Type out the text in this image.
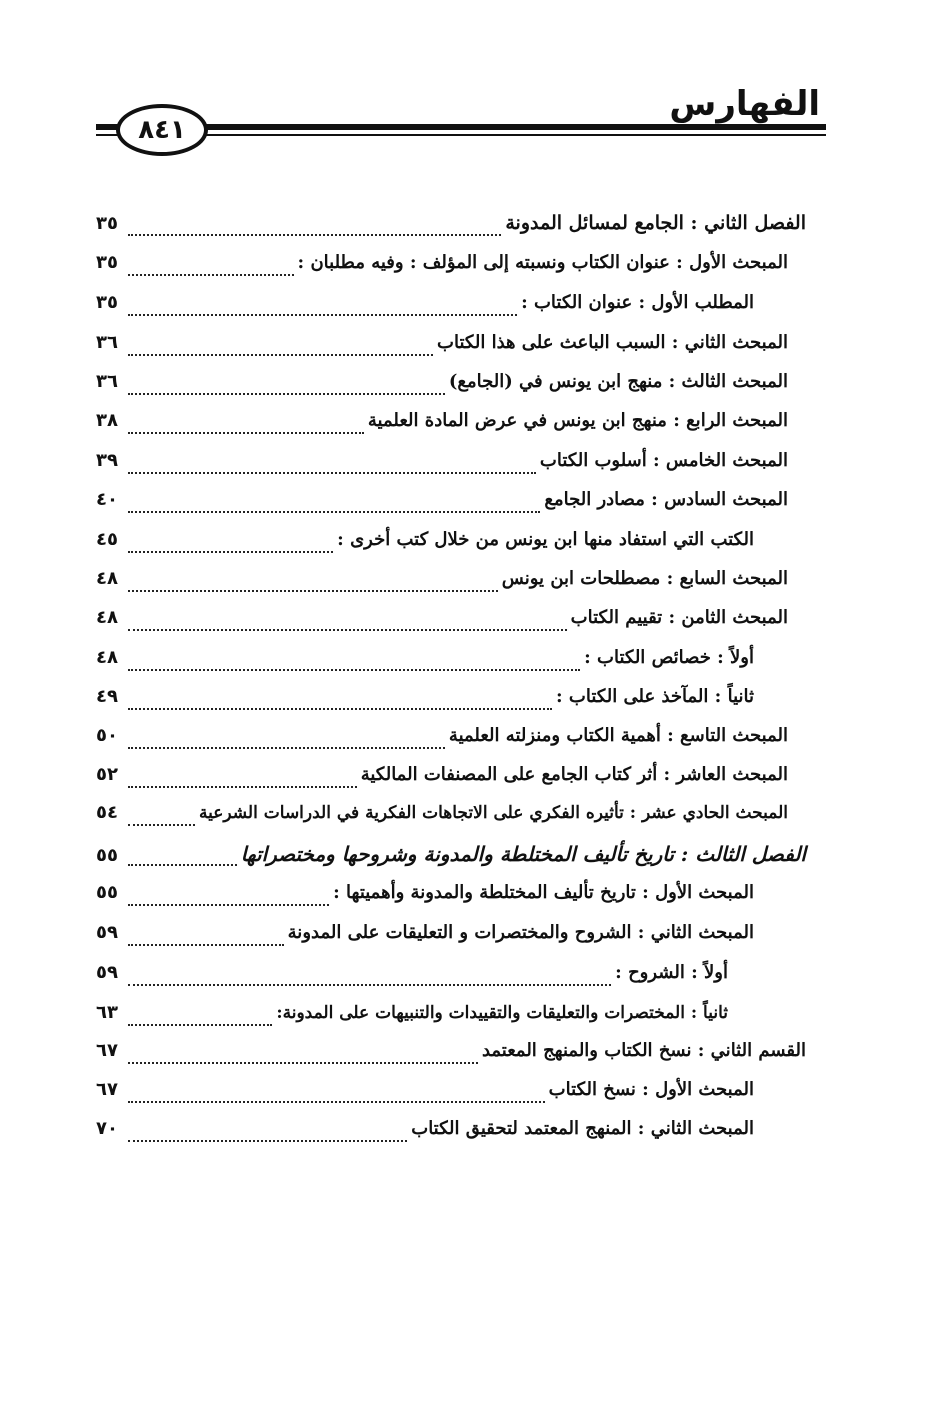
الفهارس
٨٤١
الفصل الثاني : الجامع لمسائل المدونة
٣٥
المبحث الأول : عنوان الكتاب ونسبته إلى المؤلف : وفيه مطلبان :
٣٥
المطلب الأول : عنوان الكتاب :
٣٥
المبحث الثاني : السبب الباعث على هذا الكتاب
٣٦
المبحث الثالث : منهج ابن يونس في (الجامع)
٣٦
المبحث الرابع : منهج ابن يونس في عرض المادة العلمية
٣٨
المبحث الخامس : أسلوب الكتاب
٣٩
المبحث السادس : مصادر الجامع
٤٠
الكتب التي استفاد منها ابن يونس من خلال كتب أخرى :
٤٥
المبحث السابع : مصطلحات ابن يونس
٤٨
المبحث الثامن : تقييم الكتاب
٤٨
أولاً : خصائص الكتاب :
٤٨
ثانياً : المآخذ على الكتاب :
٤٩
المبحث التاسع : أهمية الكتاب ومنزلته العلمية
٥٠
المبحث العاشر : أثر كتاب الجامع على المصنفات المالكية
٥٢
المبحث الحادي عشر : تأثيره الفكري على الاتجاهات الفكرية في الدراسات الشرعية
٥٤
الفصل الثالث : تاريخ تأليف المختلطة والمدونة وشروحها ومختصراتها
٥٥
المبحث الأول : تاريخ تأليف المختلطة والمدونة وأهميتها :
٥٥
المبحث الثاني : الشروح والمختصرات و التعليقات على المدونة
٥٩
أولاً : الشروح :
٥٩
ثانياً : المختصرات والتعليقات والتقييدات والتنبيهات على المدونة:
٦٣
القسم الثاني : نسخ الكتاب والمنهج المعتمد
٦٧
المبحث الأول : نسخ الكتاب
٦٧
المبحث الثاني : المنهج المعتمد لتحقيق الكتاب
٧٠
